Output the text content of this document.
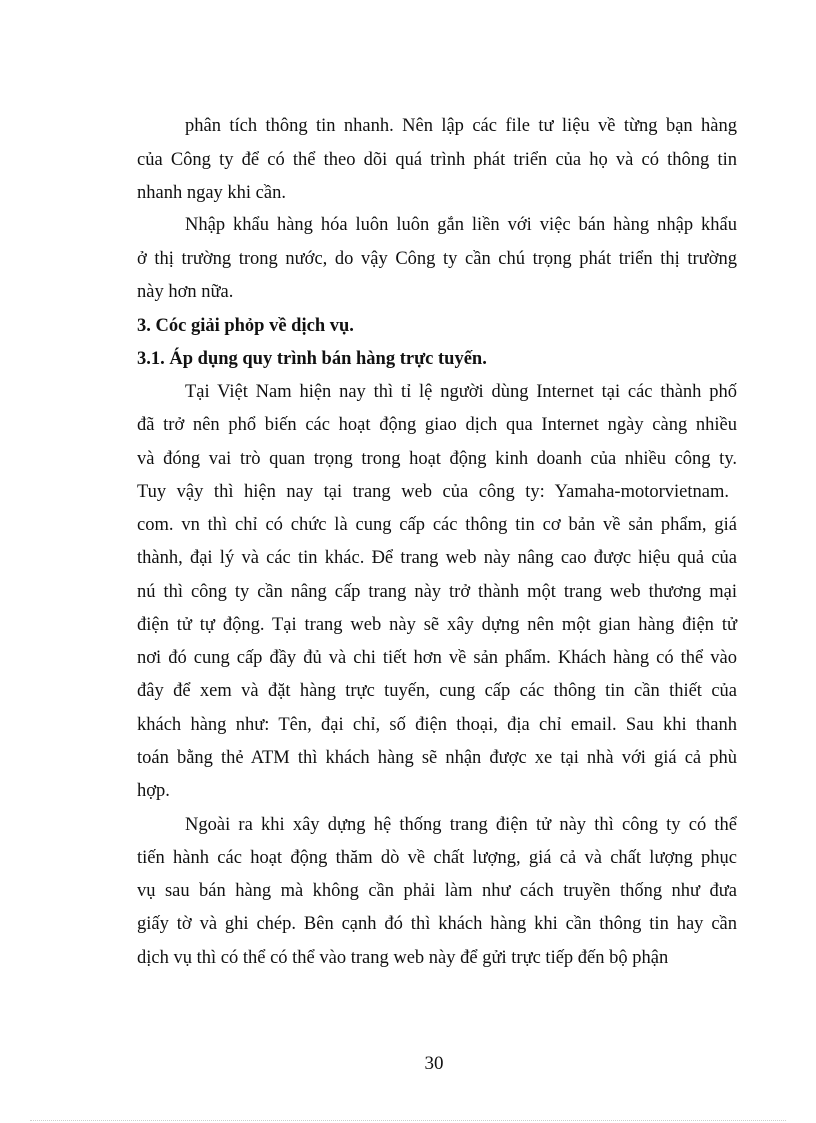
phân tích thông tin nhanh. Nên lập các file tư liệu về từng bạn hàng
của Công ty để có thể theo dõi quá trình phát triển của họ và có thông tin
nhanh ngay khi cần.
Nhập khẩu hàng hóa luôn luôn gắn liền với việc bán hàng nhập khẩu
ở thị trường trong nước, do vậy Công ty cần chú trọng phát triển thị trường
này hơn nữa.
3. Cóc giải phỏp về dịch vụ.
3.1. Áp dụng quy trình bán hàng trực tuyến.
Tại Việt Nam hiện nay thì tỉ lệ người dùng Internet tại các thành phố
đã trở nên phổ biến các hoạt động giao dịch qua Internet ngày càng nhiều
và đóng vai trò quan trọng trong hoạt động kinh doanh của nhiều công ty.
Tuy vậy thì hiện nay tại trang web của công ty: Yamaha-motorvietnam.
com. vn thì chỉ có chức là cung cấp các thông tin cơ bản về sản phẩm, giá
thành, đại lý và các tin khác. Để trang web này nâng cao được hiệu quả của
nú thì công ty cần nâng cấp trang này trở thành một trang web thương mại
điện tử tự động. Tại trang web này sẽ xây dựng nên một gian hàng điện tử
nơi đó cung cấp đầy đủ và chi tiết hơn về sản phẩm. Khách hàng có thể vào
đây để xem và đặt hàng trực tuyến, cung cấp các thông tin cần thiết của
khách hàng như: Tên, đại chỉ, số điện thoại, địa chỉ email. Sau khi thanh
toán bằng thẻ ATM thì khách hàng sẽ nhận được xe tại nhà với giá cả phù
hợp.
Ngoài ra khi xây dựng hệ thống trang điện tử này thì công ty có thể
tiến hành các hoạt động thăm dò về chất lượng, giá cả và chất lượng phục
vụ sau bán hàng mà không cần phải làm như cách truyền thống như đưa
giấy tờ và ghi chép. Bên cạnh đó thì khách hàng khi cần thông tin hay cần
dịch vụ thì có thể có thể vào trang web này để gửi trực tiếp đến bộ phận
30
